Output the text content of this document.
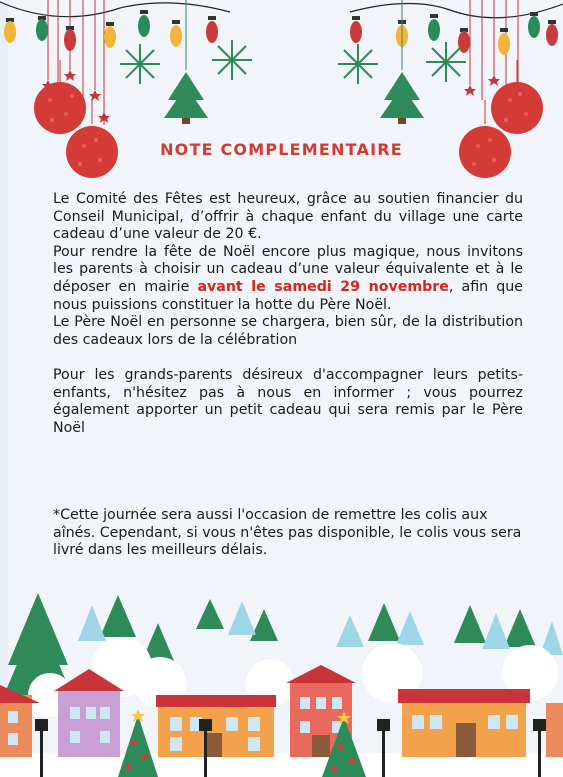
NOTE COMPLEMENTAIRE

Le Comité des Fêtes est heureux, grâce au soutien financier du Conseil Municipal, d’offrir à chaque enfant du village une carte cadeau d’une valeur de 20 €.

Pour rendre la fête de Noël encore plus magique, nous invitons les parents à choisir un cadeau d’une valeur équivalente et à le déposer en mairie avant le samedi 29 novembre, afin que nous puissions constituer la hotte du Père Noël.

Le Père Noël en personne se chargera, bien sûr, de la distribution des cadeaux lors de la célébration

Pour les grands-parents désireux d'accompagner leurs petits-enfants, n'hésitez pas à nous en informer ; vous pourrez également apporter un petit cadeau qui sera remis par le Père Noël

*Cette journée sera aussi l'occasion de remettre les colis aux aînés. Cependant, si vous n'êtes pas disponible, le colis vous sera livré dans les meilleurs délais.
